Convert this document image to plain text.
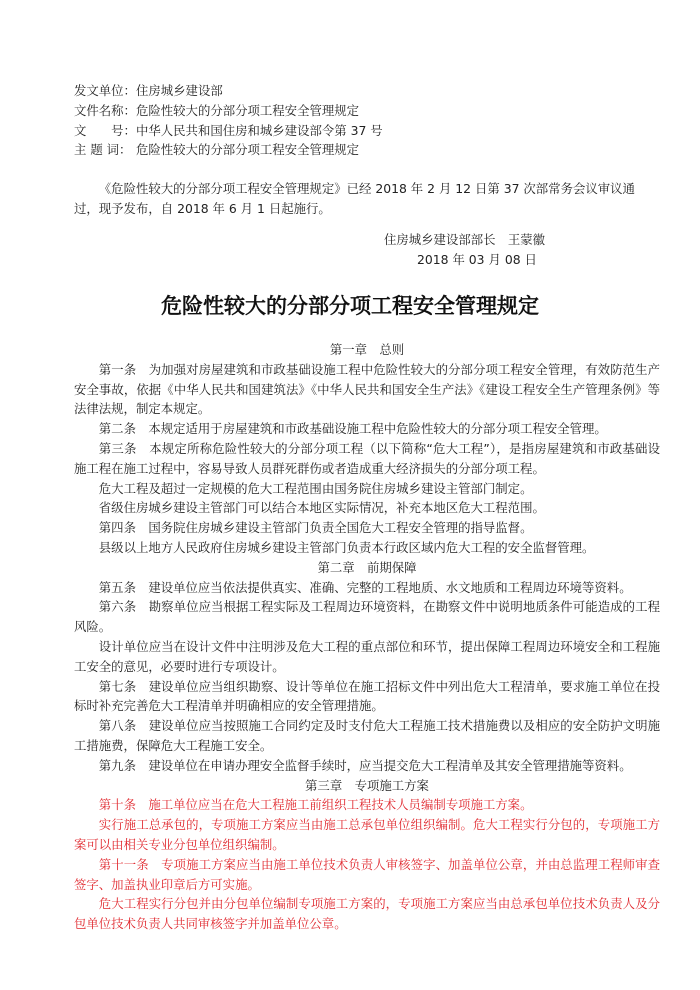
发文单位：住房城乡建设部
文件名称：危险性较大的分部分项工程安全管理规定
文　　号：中华人民共和国住房和城乡建设部令第 37 号
主 题 词： 危险性较大的分部分项工程安全管理规定
《危险性较大的分部分项工程安全管理规定》已经 2018 年 2 月 12 日第 37 次部常务会议审议通过，现予发布，自 2018 年 6 月 1 日起施行。
住房城乡建设部部长　王蒙徽
2018 年 03 月 08 日
危险性较大的分部分项工程安全管理规定
第一章　总则
第一条　为加强对房屋建筑和市政基础设施工程中危险性较大的分部分项工程安全管理，有效防范生产安全事故，依据《中华人民共和国建筑法》《中华人民共和国安全生产法》《建设工程安全生产管理条例》等法律法规，制定本规定。
第二条　本规定适用于房屋建筑和市政基础设施工程中危险性较大的分部分项工程安全管理。
第三条　本规定所称危险性较大的分部分项工程（以下简称“危大工程”），是指房屋建筑和市政基础设施工程在施工过程中，容易导致人员群死群伤或者造成重大经济损失的分部分项工程。
危大工程及超过一定规模的危大工程范围由国务院住房城乡建设主管部门制定。
省级住房城乡建设主管部门可以结合本地区实际情况，补充本地区危大工程范围。
第四条　国务院住房城乡建设主管部门负责全国危大工程安全管理的指导监督。
县级以上地方人民政府住房城乡建设主管部门负责本行政区域内危大工程的安全监督管理。
第二章　前期保障
第五条　建设单位应当依法提供真实、准确、完整的工程地质、水文地质和工程周边环境等资料。
第六条　勘察单位应当根据工程实际及工程周边环境资料，在勘察文件中说明地质条件可能造成的工程风险。
设计单位应当在设计文件中注明涉及危大工程的重点部位和环节，提出保障工程周边环境安全和工程施工安全的意见，必要时进行专项设计。
第七条　建设单位应当组织勘察、设计等单位在施工招标文件中列出危大工程清单，要求施工单位在投标时补充完善危大工程清单并明确相应的安全管理措施。
第八条　建设单位应当按照施工合同约定及时支付危大工程施工技术措施费以及相应的安全防护文明施工措施费，保障危大工程施工安全。
第九条　建设单位在申请办理安全监督手续时，应当提交危大工程清单及其安全管理措施等资料。
第三章　专项施工方案
第十条　施工单位应当在危大工程施工前组织工程技术人员编制专项施工方案。
实行施工总承包的，专项施工方案应当由施工总承包单位组织编制。危大工程实行分包的，专项施工方案可以由相关专业分包单位组织编制。
第十一条　专项施工方案应当由施工单位技术负责人审核签字、加盖单位公章，并由总监理工程师审查签字、加盖执业印章后方可实施。
危大工程实行分包并由分包单位编制专项施工方案的，专项施工方案应当由总承包单位技术负责人及分包单位技术负责人共同审核签字并加盖单位公章。
